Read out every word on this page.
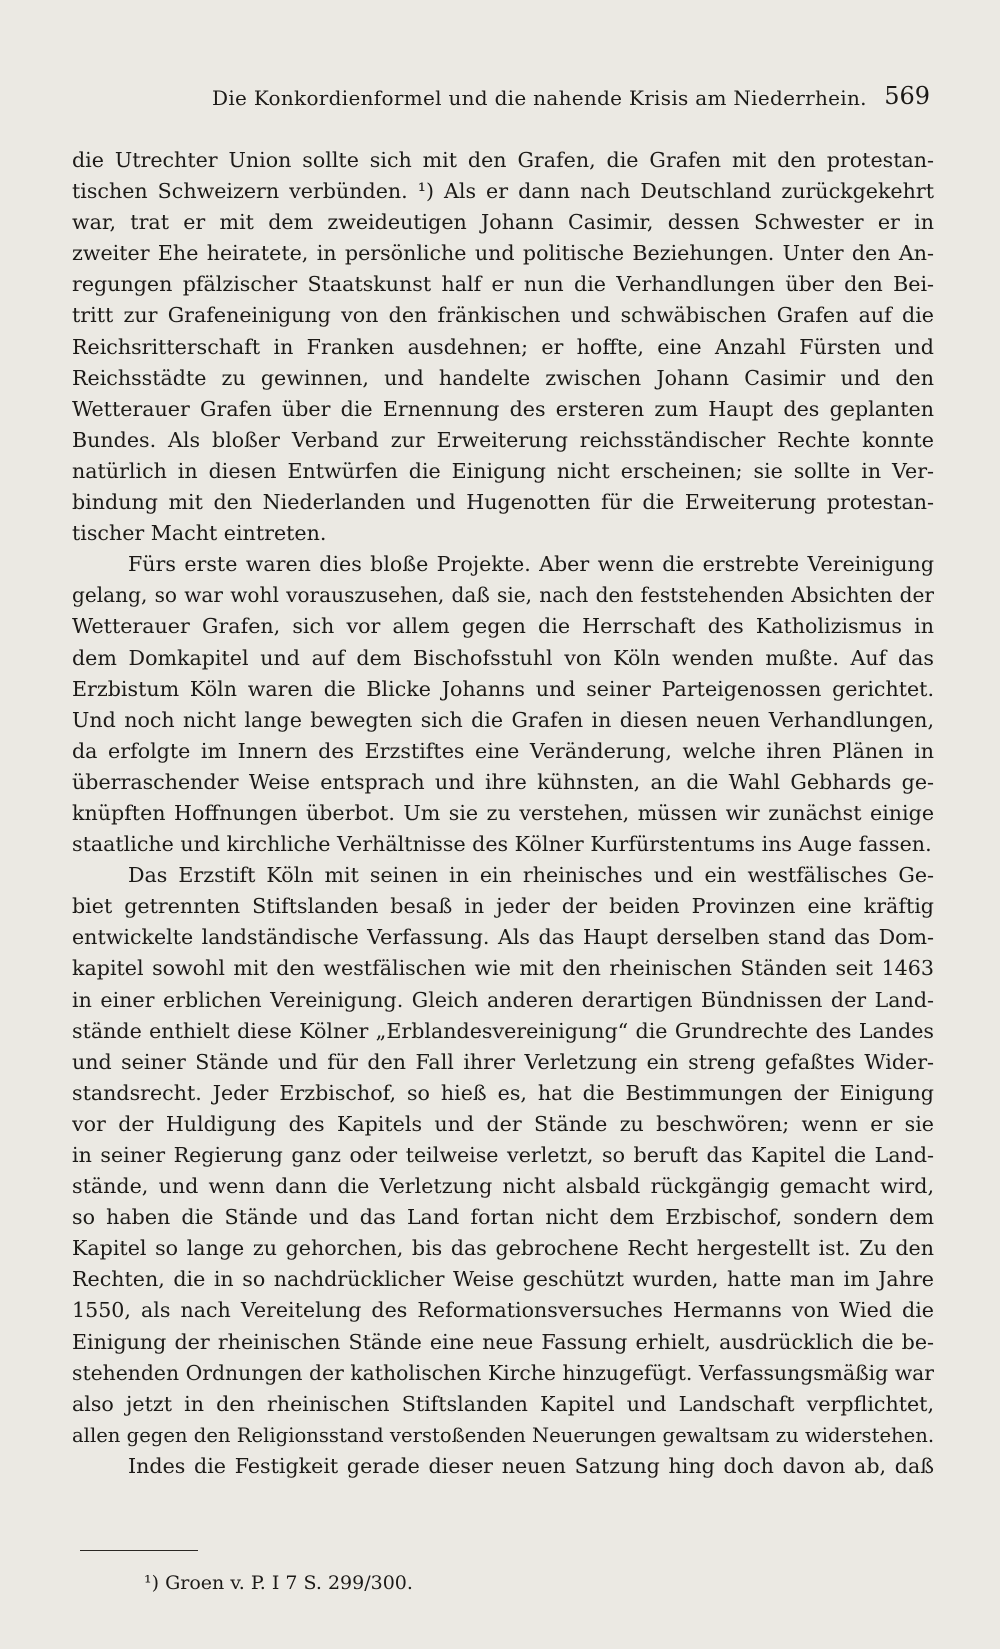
Die Konkordienformel und die nahende Krisis am Niederrhein. 569
die Utrechter Union sollte sich mit den Grafen, die Grafen mit den protestan-
tischen Schweizern verbünden. ¹) Als er dann nach Deutschland zurückgekehrt
war, trat er mit dem zweideutigen Johann Casimir, dessen Schwester er in
zweiter Ehe heiratete, in persönliche und politische Beziehungen. Unter den An-
regungen pfälzischer Staatskunst half er nun die Verhandlungen über den Bei-
tritt zur Grafeneinigung von den fränkischen und schwäbischen Grafen auf die
Reichsritterschaft in Franken ausdehnen; er hoffte, eine Anzahl Fürsten und
Reichsstädte zu gewinnen, und handelte zwischen Johann Casimir und den
Wetterauer Grafen über die Ernennung des ersteren zum Haupt des geplanten
Bundes. Als bloßer Verband zur Erweiterung reichsständischer Rechte konnte
natürlich in diesen Entwürfen die Einigung nicht erscheinen; sie sollte in Ver-
bindung mit den Niederlanden und Hugenotten für die Erweiterung protestan-
tischer Macht eintreten.
Fürs erste waren dies bloße Projekte. Aber wenn die erstrebte Vereinigung
gelang, so war wohl vorauszusehen, daß sie, nach den feststehenden Absichten der
Wetterauer Grafen, sich vor allem gegen die Herrschaft des Katholizismus in
dem Domkapitel und auf dem Bischofsstuhl von Köln wenden mußte. Auf das
Erzbistum Köln waren die Blicke Johanns und seiner Parteigenossen gerichtet.
Und noch nicht lange bewegten sich die Grafen in diesen neuen Verhandlungen,
da erfolgte im Innern des Erzstiftes eine Veränderung, welche ihren Plänen in
überraschender Weise entsprach und ihre kühnsten, an die Wahl Gebhards ge-
knüpften Hoffnungen überbot. Um sie zu verstehen, müssen wir zunächst einige
staatliche und kirchliche Verhältnisse des Kölner Kurfürstentums ins Auge fassen.
Das Erzstift Köln mit seinen in ein rheinisches und ein westfälisches Ge-
biet getrennten Stiftslanden besaß in jeder der beiden Provinzen eine kräftig
entwickelte landständische Verfassung. Als das Haupt derselben stand das Dom-
kapitel sowohl mit den westfälischen wie mit den rheinischen Ständen seit 1463
in einer erblichen Vereinigung. Gleich anderen derartigen Bündnissen der Land-
stände enthielt diese Kölner „Erblandesvereinigung“ die Grundrechte des Landes
und seiner Stände und für den Fall ihrer Verletzung ein streng gefaßtes Wider-
standsrecht. Jeder Erzbischof, so hieß es, hat die Bestimmungen der Einigung
vor der Huldigung des Kapitels und der Stände zu beschwören; wenn er sie
in seiner Regierung ganz oder teilweise verletzt, so beruft das Kapitel die Land-
stände, und wenn dann die Verletzung nicht alsbald rückgängig gemacht wird,
so haben die Stände und das Land fortan nicht dem Erzbischof, sondern dem
Kapitel so lange zu gehorchen, bis das gebrochene Recht hergestellt ist. Zu den
Rechten, die in so nachdrücklicher Weise geschützt wurden, hatte man im Jahre
1550, als nach Vereitelung des Reformationsversuches Hermanns von Wied die
Einigung der rheinischen Stände eine neue Fassung erhielt, ausdrücklich die be-
stehenden Ordnungen der katholischen Kirche hinzugefügt. Verfassungsmäßig war
also jetzt in den rheinischen Stiftslanden Kapitel und Landschaft verpflichtet,
allen gegen den Religionsstand verstoßenden Neuerungen gewaltsam zu widerstehen.
Indes die Festigkeit gerade dieser neuen Satzung hing doch davon ab, daß
¹) Groen v. P. I 7 S. 299/300.
